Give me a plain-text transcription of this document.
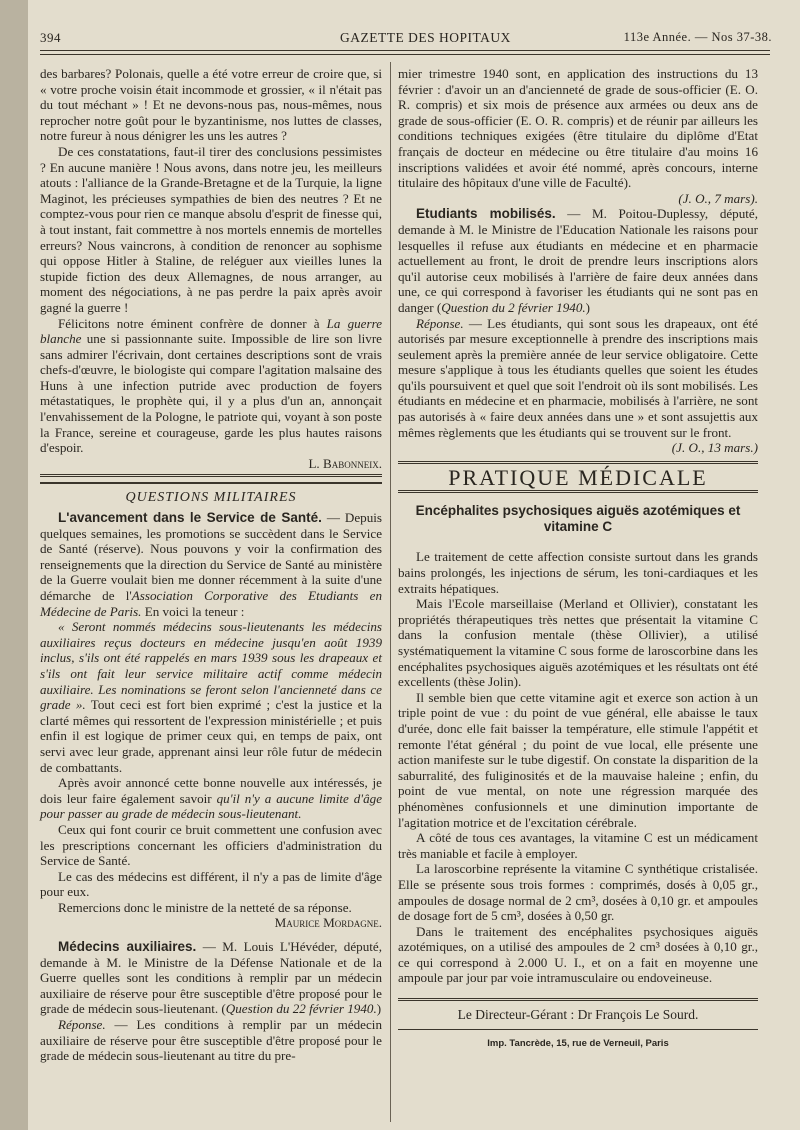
394	GAZETTE DES HOPITAUX	113e Année. — Nos 37-38.

des barbares? Polonais, quelle a été votre erreur de croire que, si « votre proche voisin était incommode et grossier, « il n'était pas du tout méchant » ! Et ne devons-nous pas, nous-mêmes, nous reprocher notre goût pour le byzantinisme, nos luttes de classes, notre fureur à nous dénigrer les uns les autres ?

De ces constatations, faut-il tirer des conclusions pessimistes ? En aucune manière ! Nous avons, dans notre jeu, les meilleurs atouts : l'alliance de la Grande-Bretagne et de la Turquie, la ligne Maginot, les précieuses sympathies de bien des neutres ? Et ne comptez-vous pour rien ce manque absolu d'esprit de finesse qui, à tout instant, fait commettre à nos mortels ennemis de mortelles erreurs? Nous vaincrons, à condition de renoncer au sophisme qui oppose Hitler à Staline, de reléguer aux vieilles lunes la stupide fiction des deux Allemagnes, de nous arranger, au moment des négociations, à ne pas perdre la paix après avoir gagné la guerre !

Félicitons notre éminent confrère de donner à La guerre blanche une si passionnante suite. Impossible de lire son livre sans admirer l'écrivain, dont certaines descriptions sont de vrais chefs-d'œuvre, le biologiste qui compare l'agitation malsaine des Huns à une infection putride avec production de foyers métastatiques, le prophète qui, il y a plus d'un an, annonçait l'envahissement de la Pologne, le patriote qui, voyant à son poste la France, sereine et courageuse, garde les plus hautes raisons d'espoir.

L. Babonneix.

QUESTIONS MILITAIRES

L'avancement dans le Service de Santé. — Depuis quelques semaines, les promotions se succèdent dans le Service de Santé (réserve). Nous pouvons y voir la confirmation des renseignements que la direction du Service de Santé au ministère de la Guerre voulait bien me donner récemment à la suite d'une démarche de l'Association Corporative des Etudiants en Médecine de Paris. En voici la teneur :

« Seront nommés médecins sous-lieutenants les médecins auxiliaires reçus docteurs en médecine jusqu'en août 1939 inclus, s'ils ont été rappelés en mars 1939 sous les drapeaux et s'ils ont fait leur service militaire actif comme médecin auxiliaire. Les nominations se feront selon l'ancienneté dans ce grade ». Tout ceci est fort bien exprimé ; c'est la justice et la clarté mêmes qui ressortent de l'expression ministérielle ; et puis enfin il est logique de primer ceux qui, en temps de paix, ont servi avec leur grade, apprenant ainsi leur rôle futur de médecin de combattants.

Après avoir annoncé cette bonne nouvelle aux intéressés, je dois leur faire également savoir qu'il n'y a aucune limite d'âge pour passer au grade de médecin sous-lieutenant.

Ceux qui font courir ce bruit commettent une confusion avec les prescriptions concernant les officiers d'administration du Service de Santé.

Le cas des médecins est différent, il n'y a pas de limite d'âge pour eux.

Remercions donc le ministre de la netteté de sa réponse.

Maurice Mordagne.

Médecins auxiliaires. — M. Louis L'Hévéder, député, demande à M. le Ministre de la Défense Nationale et de la Guerre quelles sont les conditions à remplir par un médecin auxiliaire de réserve pour être susceptible d'être proposé pour le grade de médecin sous-lieutenant. (Question du 22 février 1940.)

Réponse. — Les conditions à remplir par un médecin auxiliaire de réserve pour être susceptible d'être proposé pour le grade de médecin sous-lieutenant au titre du pre-

mier trimestre 1940 sont, en application des instructions du 13 février : d'avoir un an d'ancienneté de grade de sous-officier (E. O. R. compris) et six mois de présence aux armées ou deux ans de grade de sous-officier (E. O. R. compris) et de réunir par ailleurs les conditions techniques exigées (être titulaire du diplôme d'Etat français de docteur en médecine ou être titulaire d'au moins 16 inscriptions validées et avoir été nommé, après concours, interne titulaire des hôpitaux d'une ville de Faculté).

(J. O., 7 mars).

Etudiants mobilisés. — M. Poitou-Duplessy, député, demande à M. le Ministre de l'Education Nationale les raisons pour lesquelles il refuse aux étudiants en médecine et en pharmacie actuellement au front, le droit de prendre leurs inscriptions alors qu'il autorise ceux mobilisés à l'arrière de faire deux années dans une, ce qui correspond à favoriser les étudiants qui ne sont pas en danger (Question du 2 février 1940.)

Réponse. — Les étudiants, qui sont sous les drapeaux, ont été autorisés par mesure exceptionnelle à prendre des inscriptions mais seulement après la première année de leur service obligatoire. Cette mesure s'applique à tous les étudiants quelles que soient les études qu'ils poursuivent et quel que soit l'endroit où ils sont mobilisés. Les étudiants en médecine et en pharmacie, mobilisés à l'arrière, ne sont pas autorisés à « faire deux années dans une » et sont assujettis aux mêmes règlements que les étudiants qui se trouvent sur le front.

(J. O., 13 mars.)

PRATIQUE MÉDICALE
Encéphalites psychosiques aiguës azotémiques et vitamine C

Le traitement de cette affection consiste surtout dans les grands bains prolongés, les injections de sérum, les toni-cardiaques et les extraits hépatiques.

Mais l'Ecole marseillaise (Merland et Ollivier), constatant les propriétés thérapeutiques très nettes que présentait la vitamine C dans la confusion mentale (thèse Ollivier), a utilisé systématiquement la vitamine C sous forme de laroscorbine dans les encéphalites psychosiques aiguës azotémiques et les résultats ont été excellents (thèse Jolin).

Il semble bien que cette vitamine agit et exerce son action à un triple point de vue : du point de vue général, elle abaisse le taux d'urée, donc elle fait baisser la température, elle stimule l'appétit et remonte l'état général ; du point de vue local, elle présente une action manifeste sur le tube digestif. On constate la disparition de la saburralité, des fuliginosités et de la mauvaise haleine ; enfin, du point de vue mental, on note une régression marquée des phénomènes confusionnels et une diminution importante de l'agitation motrice et de l'excitation cérébrale.

A côté de tous ces avantages, la vitamine C est un médicament très maniable et facile à employer.

La laroscorbine représente la vitamine C synthétique cristalisée. Elle se présente sous trois formes : comprimés, dosés à 0,05 gr., ampoules de dosage normal de 2 cm³, dosées à 0,10 gr. et ampoules de dosage fort de 5 cm³, dosées à 0,50 gr.

Dans le traitement des encéphalites psychosiques aiguës azotémiques, on a utilisé des ampoules de 2 cm³ dosées à 0,10 gr., ce qui correspond à 2.000 U. I., et on a fait en moyenne une ampoule par jour par voie intramusculaire ou endoveineuse.

Le Directeur-Gérant : Dr François Le Sourd.
Imp. Tancrède, 15, rue de Verneuil, Paris
